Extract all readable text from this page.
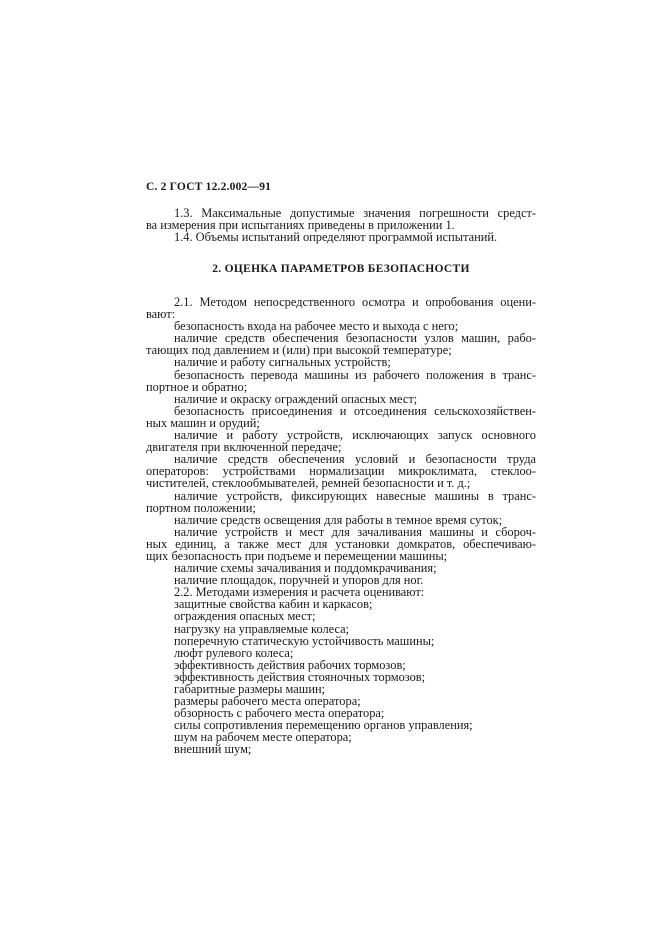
С. 2 ГОСТ 12.2.002—91
1.3. Максимальные допустимые значения погрешности средст-
ва измерения при испытаниях приведены в приложении 1.
1.4. Объемы испытаний определяют программой испытаний.
2. ОЦЕНКА ПАРАМЕТРОВ БЕЗОПАСНОСТИ
2.1. Методом непосредственного осмотра и опробования оцени-
вают:
безопасность входа на рабочее место и выхода с него;
наличие средств обеспечения безопасности узлов машин, рабо-
тающих под давлением и (или) при высокой температуре;
наличие и работу сигнальных устройств;
безопасность перевода машины из рабочего положения в транс-
портное и обратно;
наличие и окраску ограждений опасных мест;
безопасность присоединения и отсоединения сельскохозяйствен-
ных машин и орудий;
наличие и работу устройств, исключающих запуск основного
двигателя при включенной передаче;
наличие средств обеспечения условий и безопасности труда
операторов: устройствами нормализации микроклимата, стеклоо-
чистителей, стеклообмывателей, ремней безопасности и т. д.;
наличие устройств, фиксирующих навесные машины в транс-
портном положении;
наличие средств освещения для работы в темное время суток;
наличие устройств и мест для зачаливания машины и сбороч-
ных единиц, а также мест для установки домкратов, обеспечиваю-
щих безопасность при подъеме и перемещении машины;
наличие схемы зачаливания и поддомкрачивания;
наличие площадок, поручней и упоров для ног.
2.2. Методами измерения и расчета оценивают:
защитные свойства кабин и каркасов;
ограждения опасных мест;
нагрузку на управляемые колеса;
поперечную статическую устойчивость машины;
люфт рулевого колеса;
эффективность действия рабочих тормозов;
эффективность действия стояночных тормозов;
габаритные размеры машин;
размеры рабочего места оператора;
обзорность с рабочего места оператора;
силы сопротивления перемещению органов управления;
шум на рабочем месте оператора;
внешний шум;
